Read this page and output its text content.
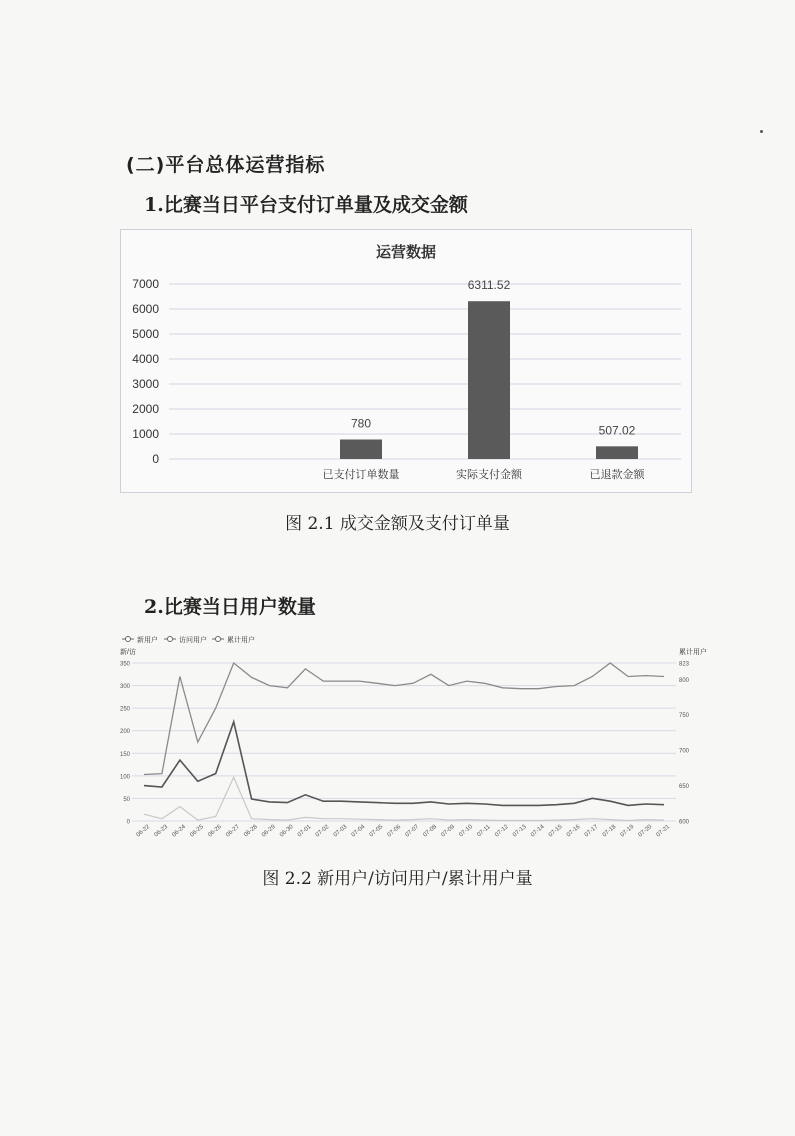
(二)平台总体运营指标
1.比赛当日平台支付订单量及成交金额
运营数据
0
1000
2000
3000
4000
5000
6000
7000
已支付订单数量
780
实际支付金额
6311.52
已退款金额
507.02
图 2.1 成交金额及支付订单量
2.比赛当日用户数量
新用户	访问用户	累计用户
新/访	累计用户
0
50
100
150
200
250
300
350
600
650
700
750
800
823
06-22 06-23 06-24 06-25 06-26 06-27 06-28 06-29 06-30 07-01 07-02 07-03 07-04 07-05 07-06 07-07 07-08 07-09 07-10 07-11 07-12 07-13 07-14 07-15 07-16 07-17 07-18 07-19 07-20 07-21
图 2.2 新用户/访问用户/累计用户量
